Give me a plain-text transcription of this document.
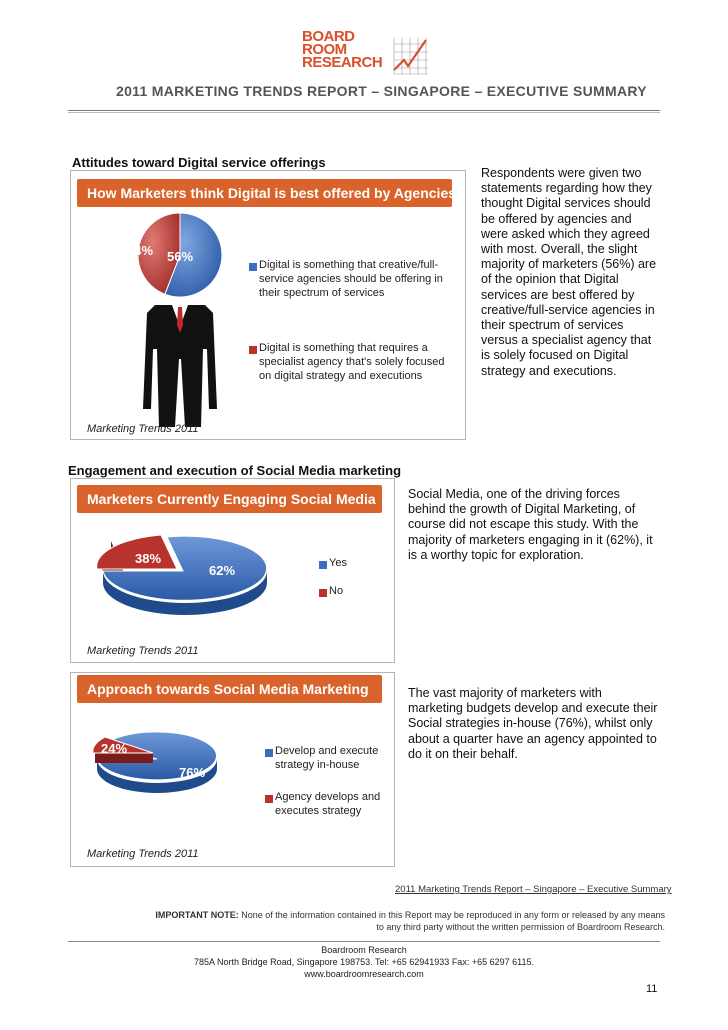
BOARD
ROOM
RESEARCH
2011 MARKETING TRENDS REPORT – SINGAPORE – EXECUTIVE SUMMARY
Attitudes toward Digital service offerings
How Marketers think Digital is best offered by Agencies
56%
44%
Digital is something that creative/full-service agencies should be offering in their spectrum of services
Digital is something that requires a specialist agency that's solely focused on digital strategy and executions
Marketing Trends 2011
Respondents were given two statements regarding how they thought Digital services should be offered by agencies and were asked which they agreed with most. Overall, the slight majority of marketers (56%) are of the opinion that Digital services are best offered by creative/full-service agencies in their spectrum of services versus a specialist agency that is solely focused on Digital strategy and executions.
Engagement and execution of Social Media marketing
Marketers Currently Engaging Social Media
62%
38%	Yes
No
Marketing Trends 2011
Social Media, one of the driving forces behind the growth of Digital Marketing, of course did not escape this study. With the majority of marketers engaging in it (62%), it is a worthy topic for exploration.
Approach towards Social Media Marketing
76%
24%	Develop and execute strategy in-house
Agency develops and executes strategy
Marketing Trends 2011
The vast majority of marketers with marketing budgets develop and execute their Social strategies in-house (76%), whilst only about a quarter have an agency appointed to do it on their behalf.
2011 Marketing Trends Report – Singapore – Executive Summary
IMPORTANT NOTE: None of the information contained in this Report may be reproduced in any form or released by any means to any third party without the written permission of Boardroom Research.
Boardroom Research
785A North Bridge Road, Singapore 198753. Tel: +65 62941933 Fax: +65 6297 6115.
www.boardroomresearch.com
11
